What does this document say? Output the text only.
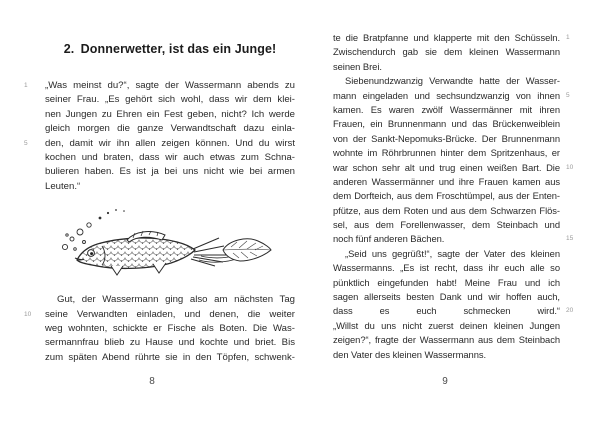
2. Donnerwetter, ist das ein Junge!
„Was meinst du?“, sagte der Wassermann abends zu
1
seiner Frau. „Es gehört sich wohl, dass wir dem klei-
nen Jungen zu Ehren ein Fest geben, nicht? Ich werde
gleich morgen die ganze Verwandtschaft dazu einla-
den, damit wir ihn allen zeigen können. Und du wirst
5
kochen und braten, dass wir auch etwas zum Schna-
bulieren haben. Es ist ja bei uns nicht wie bei armen
Leuten.“
Gut, der Wassermann ging also am nächsten Tag
seine Verwandten einladen, und denen, die weiter
10
weg wohnten, schickte er Fische als Boten. Die Was-
sermannfrau blieb zu Hause und kochte und briet. Bis
zum späten Abend rührte sie in den Töpfen, schwenk-
te die Bratpfanne und klapperte mit den Schüsseln. 1
Zwischendurch gab sie dem kleinen Wassermann
seinen Brei.
Siebenundzwanzig Verwandte hatte der Wasser-
mann eingeladen und sechsundzwanzig von ihnen 5
kamen. Es waren zwölf Wassermänner mit ihren
Frauen, ein Brunnenmann und das Brückenweiblein
von der Sankt-Nepomuks-Brücke. Der Brunnenmann
wohnte im Röhrbrunnen hinter dem Spritzenhaus, er
war schon sehr alt und trug einen weißen Bart. Die 10
anderen Wassermänner und ihre Frauen kamen aus
dem Dorfteich, aus dem Froschtümpel, aus der Enten-
pfütze, aus dem Roten und aus dem Schwarzen Flös-
sel, aus dem Forellenwasser, dem Steinbach und
noch fünf anderen Bächen.	15
„Seid uns gegrüßt!“, sagte der Vater des kleinen
Wassermanns. „Es ist recht, dass ihr euch alle so
pünktlich eingefunden habt! Meine Frau und ich
sagen allerseits besten Dank und wir hoffen auch,
dass es euch schmecken wird.“ 20
„Willst du uns nicht zuerst deinen kleinen Jungen
zeigen?“, fragte der Wassermann aus dem Steinbach
den Vater des kleinen Wassermanns.
8	9
